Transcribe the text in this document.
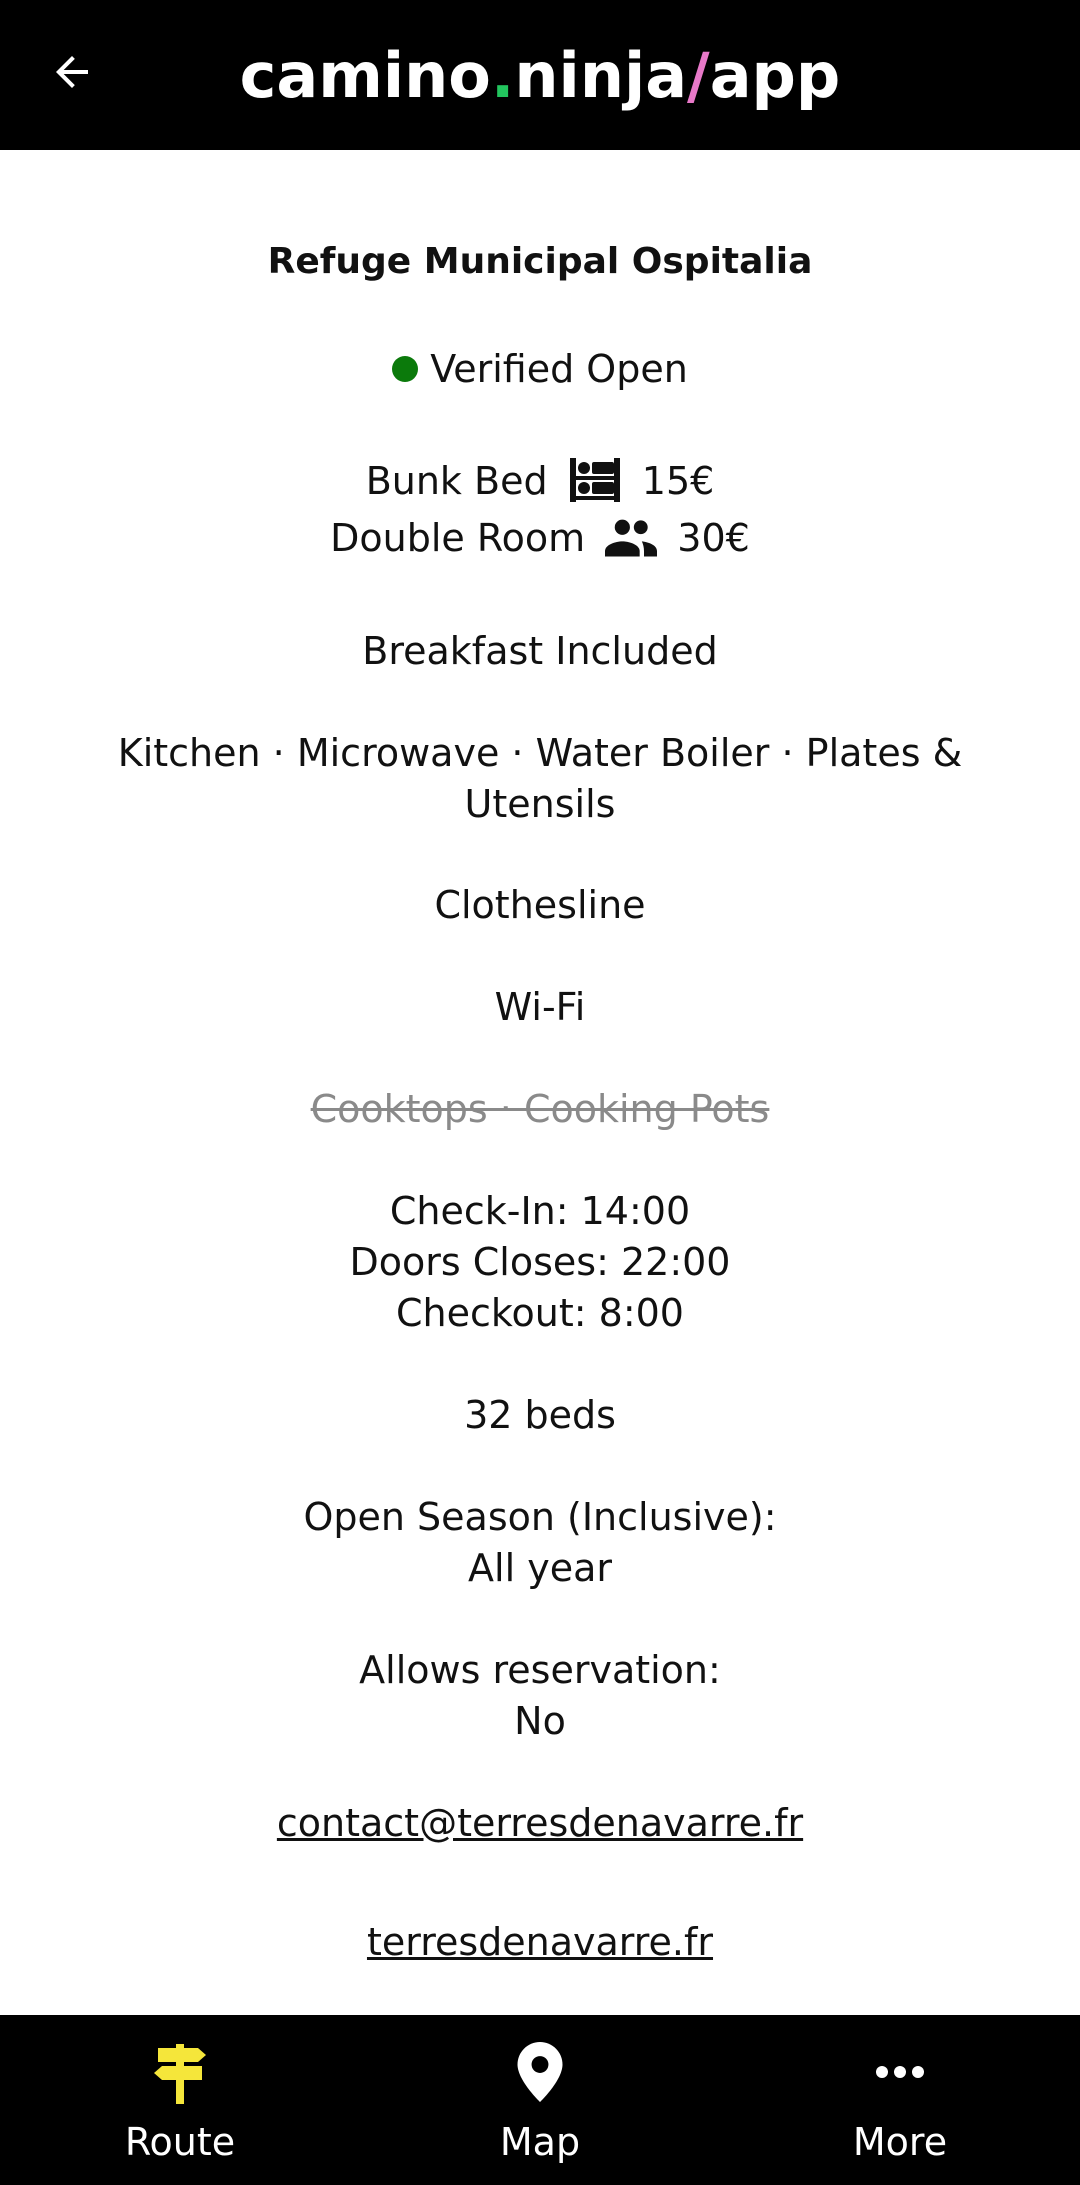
camino.ninja/app
Refuge Municipal Ospitalia
Verified Open
Bunk Bed 15€
Double Room 30€
Breakfast Included
Kitchen · Microwave · Water Boiler · Plates & Utensils
Clothesline
Wi-Fi
Cooktops · Cooking Pots
Check-In: 14:00
Doors Closes: 22:00
Checkout: 8:00
32 beds
Open Season (Inclusive):
All year
Allows reservation:
No
contact@terresdenavarre.fr
terresdenavarre.fr
Route	Map	More
